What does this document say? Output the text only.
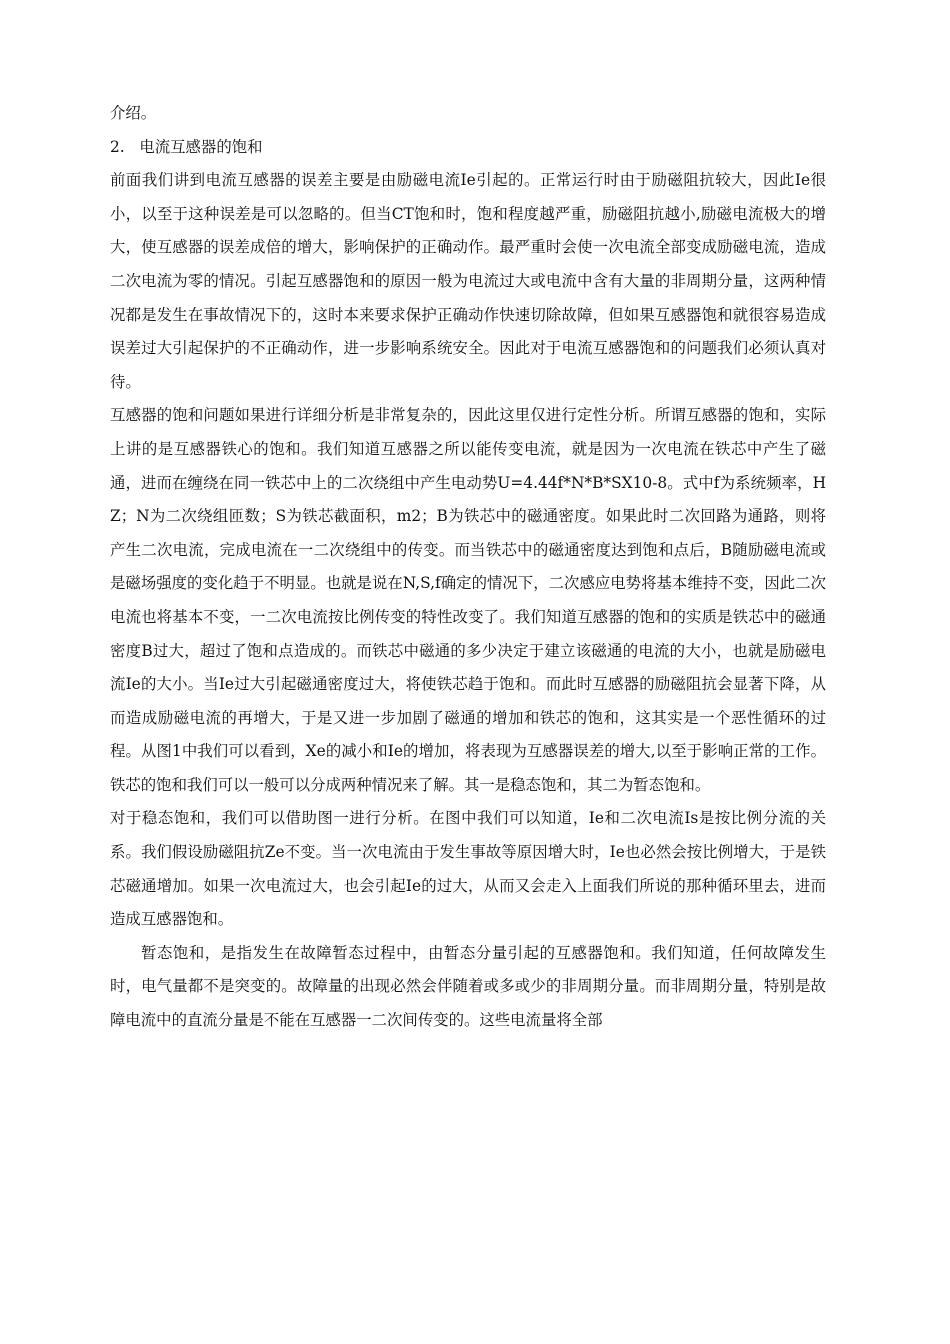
介绍。

2.   电流互感器的饱和

前面我们讲到电流互感器的误差主要是由励磁电流Ie引起的。正常运行时由于励磁阻抗较大，因此Ie很小，以至于这种误差是可以忽略的。但当CT饱和时，饱和程度越严重，励磁阻抗越小,励磁电流极大的增大，使互感器的误差成倍的增大，影响保护的正确动作。最严重时会使一次电流全部变成励磁电流，造成二次电流为零的情况。引起互感器饱和的原因一般为电流过大或电流中含有大量的非周期分量，这两种情况都是发生在事故情况下的，这时本来要求保护正确动作快速切除故障，但如果互感器饱和就很容易造成误差过大引起保护的不正确动作，进一步影响系统安全。因此对于电流互感器饱和的问题我们必须认真对待。

互感器的饱和问题如果进行详细分析是非常复杂的，因此这里仅进行定性分析。所谓互感器的饱和，实际上讲的是互感器铁心的饱和。我们知道互感器之所以能传变电流，就是因为一次电流在铁芯中产生了磁通，进而在缠绕在同一铁芯中上的二次绕组中产生电动势U=4.44f*N*B*SX10-8。式中f为系统频率，HZ；N为二次绕组匝数；S为铁芯截面积，m2；B为铁芯中的磁通密度。如果此时二次回路为通路，则将产生二次电流，完成电流在一二次绕组中的传变。而当铁芯中的磁通密度达到饱和点后，B随励磁电流或是磁场强度的变化趋于不明显。也就是说在N,S,f确定的情况下，二次感应电势将基本维持不变，因此二次电流也将基本不变，一二次电流按比例传变的特性改变了。我们知道互感器的饱和的实质是铁芯中的磁通密度B过大，超过了饱和点造成的。而铁芯中磁通的多少决定于建立该磁通的电流的大小，也就是励磁电流Ie的大小。当Ie过大引起磁通密度过大，将使铁芯趋于饱和。而此时互感器的励磁阻抗会显著下降，从而造成励磁电流的再增大，于是又进一步加剧了磁通的增加和铁芯的饱和，这其实是一个恶性循环的过程。从图1中我们可以看到，Xe的减小和Ie的增加，将表现为互感器误差的增大,以至于影响正常的工作。铁芯的饱和我们可以一般可以分成两种情况来了解。其一是稳态饱和，其二为暂态饱和。

对于稳态饱和，我们可以借助图一进行分析。在图中我们可以知道，Ie和二次电流Is是按比例分流的关系。我们假设励磁阻抗Ze不变。当一次电流由于发生事故等原因增大时，Ie也必然会按比例增大，于是铁芯磁通增加。如果一次电流过大，也会引起Ie的过大，从而又会走入上面我们所说的那种循环里去，进而造成互感器饱和。

暂态饱和，是指发生在故障暂态过程中，由暂态分量引起的互感器饱和。我们知道，任何故障发生时，电气量都不是突变的。故障量的出现必然会伴随着或多或少的非周期分量。而非周期分量，特别是故障电流中的直流分量是不能在互感器一二次间传变的。这些电流量将全部
